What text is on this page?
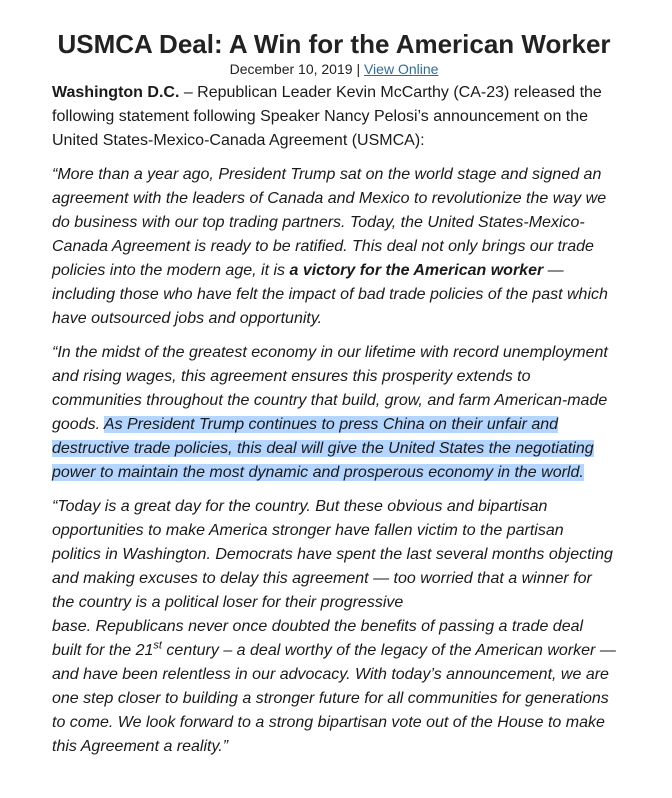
USMCA Deal: A Win for the American Worker
December 10, 2019 | View Online

Washington D.C. – Republican Leader Kevin McCarthy (CA-23) released the following statement following Speaker Nancy Pelosi’s announcement on the United States-Mexico-Canada Agreement (USMCA):

“More than a year ago, President Trump sat on the world stage and signed an agreement with the leaders of Canada and Mexico to revolutionize the way we do business with our top trading partners. Today, the United States-Mexico-Canada Agreement is ready to be ratified. This deal not only brings our trade policies into the modern age, it is a victory for the American worker — including those who have felt the impact of bad trade policies of the past which have outsourced jobs and opportunity.

“In the midst of the greatest economy in our lifetime with record unemployment and rising wages, this agreement ensures this prosperity extends to communities throughout the country that build, grow, and farm American-made goods. As President Trump continues to press China on their unfair and destructive trade policies, this deal will give the United States the negotiating power to maintain the most dynamic and prosperous economy in the world.

“Today is a great day for the country. But these obvious and bipartisan opportunities to make America stronger have fallen victim to the partisan politics in Washington. Democrats have spent the last several months objecting and making excuses to delay this agreement — too worried that a winner for the country is a political loser for their progressive
base. Republicans never once doubted the benefits of passing a trade deal built for the 21st century – a deal worthy of the legacy of the American worker — and have been relentless in our advocacy. With today’s announcement, we are one step closer to building a stronger future for all communities for generations to come. We look forward to a strong bipartisan vote out of the House to make this Agreement a reality.”
